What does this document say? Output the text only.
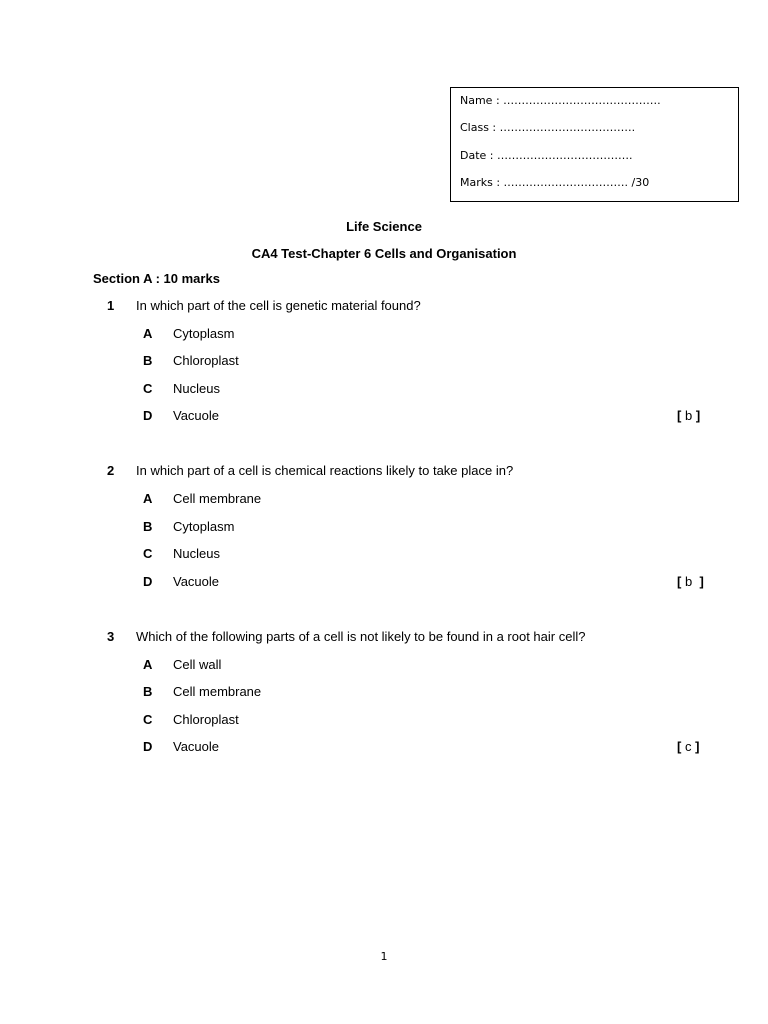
Name : …………………………………….
Class : ……………………………….
Date : ……………………………….
Marks : ……………………………. /30
Life Science
CA4 Test-Chapter 6 Cells and Organisation
Section A : 10 marks
1 In which part of the cell is genetic material found?
A Cytoplasm
B Chloroplast
C Nucleus
D Vacuole	[ b ]
2 In which part of a cell is chemical reactions likely to take place in?
A Cell membrane
B Cytoplasm
C Nucleus
D Vacuole	[ b ]
3 Which of the following parts of a cell is not likely to be found in a root hair cell?
A Cell wall
B Cell membrane
C Chloroplast
D Vacuole	[ c ]
1
